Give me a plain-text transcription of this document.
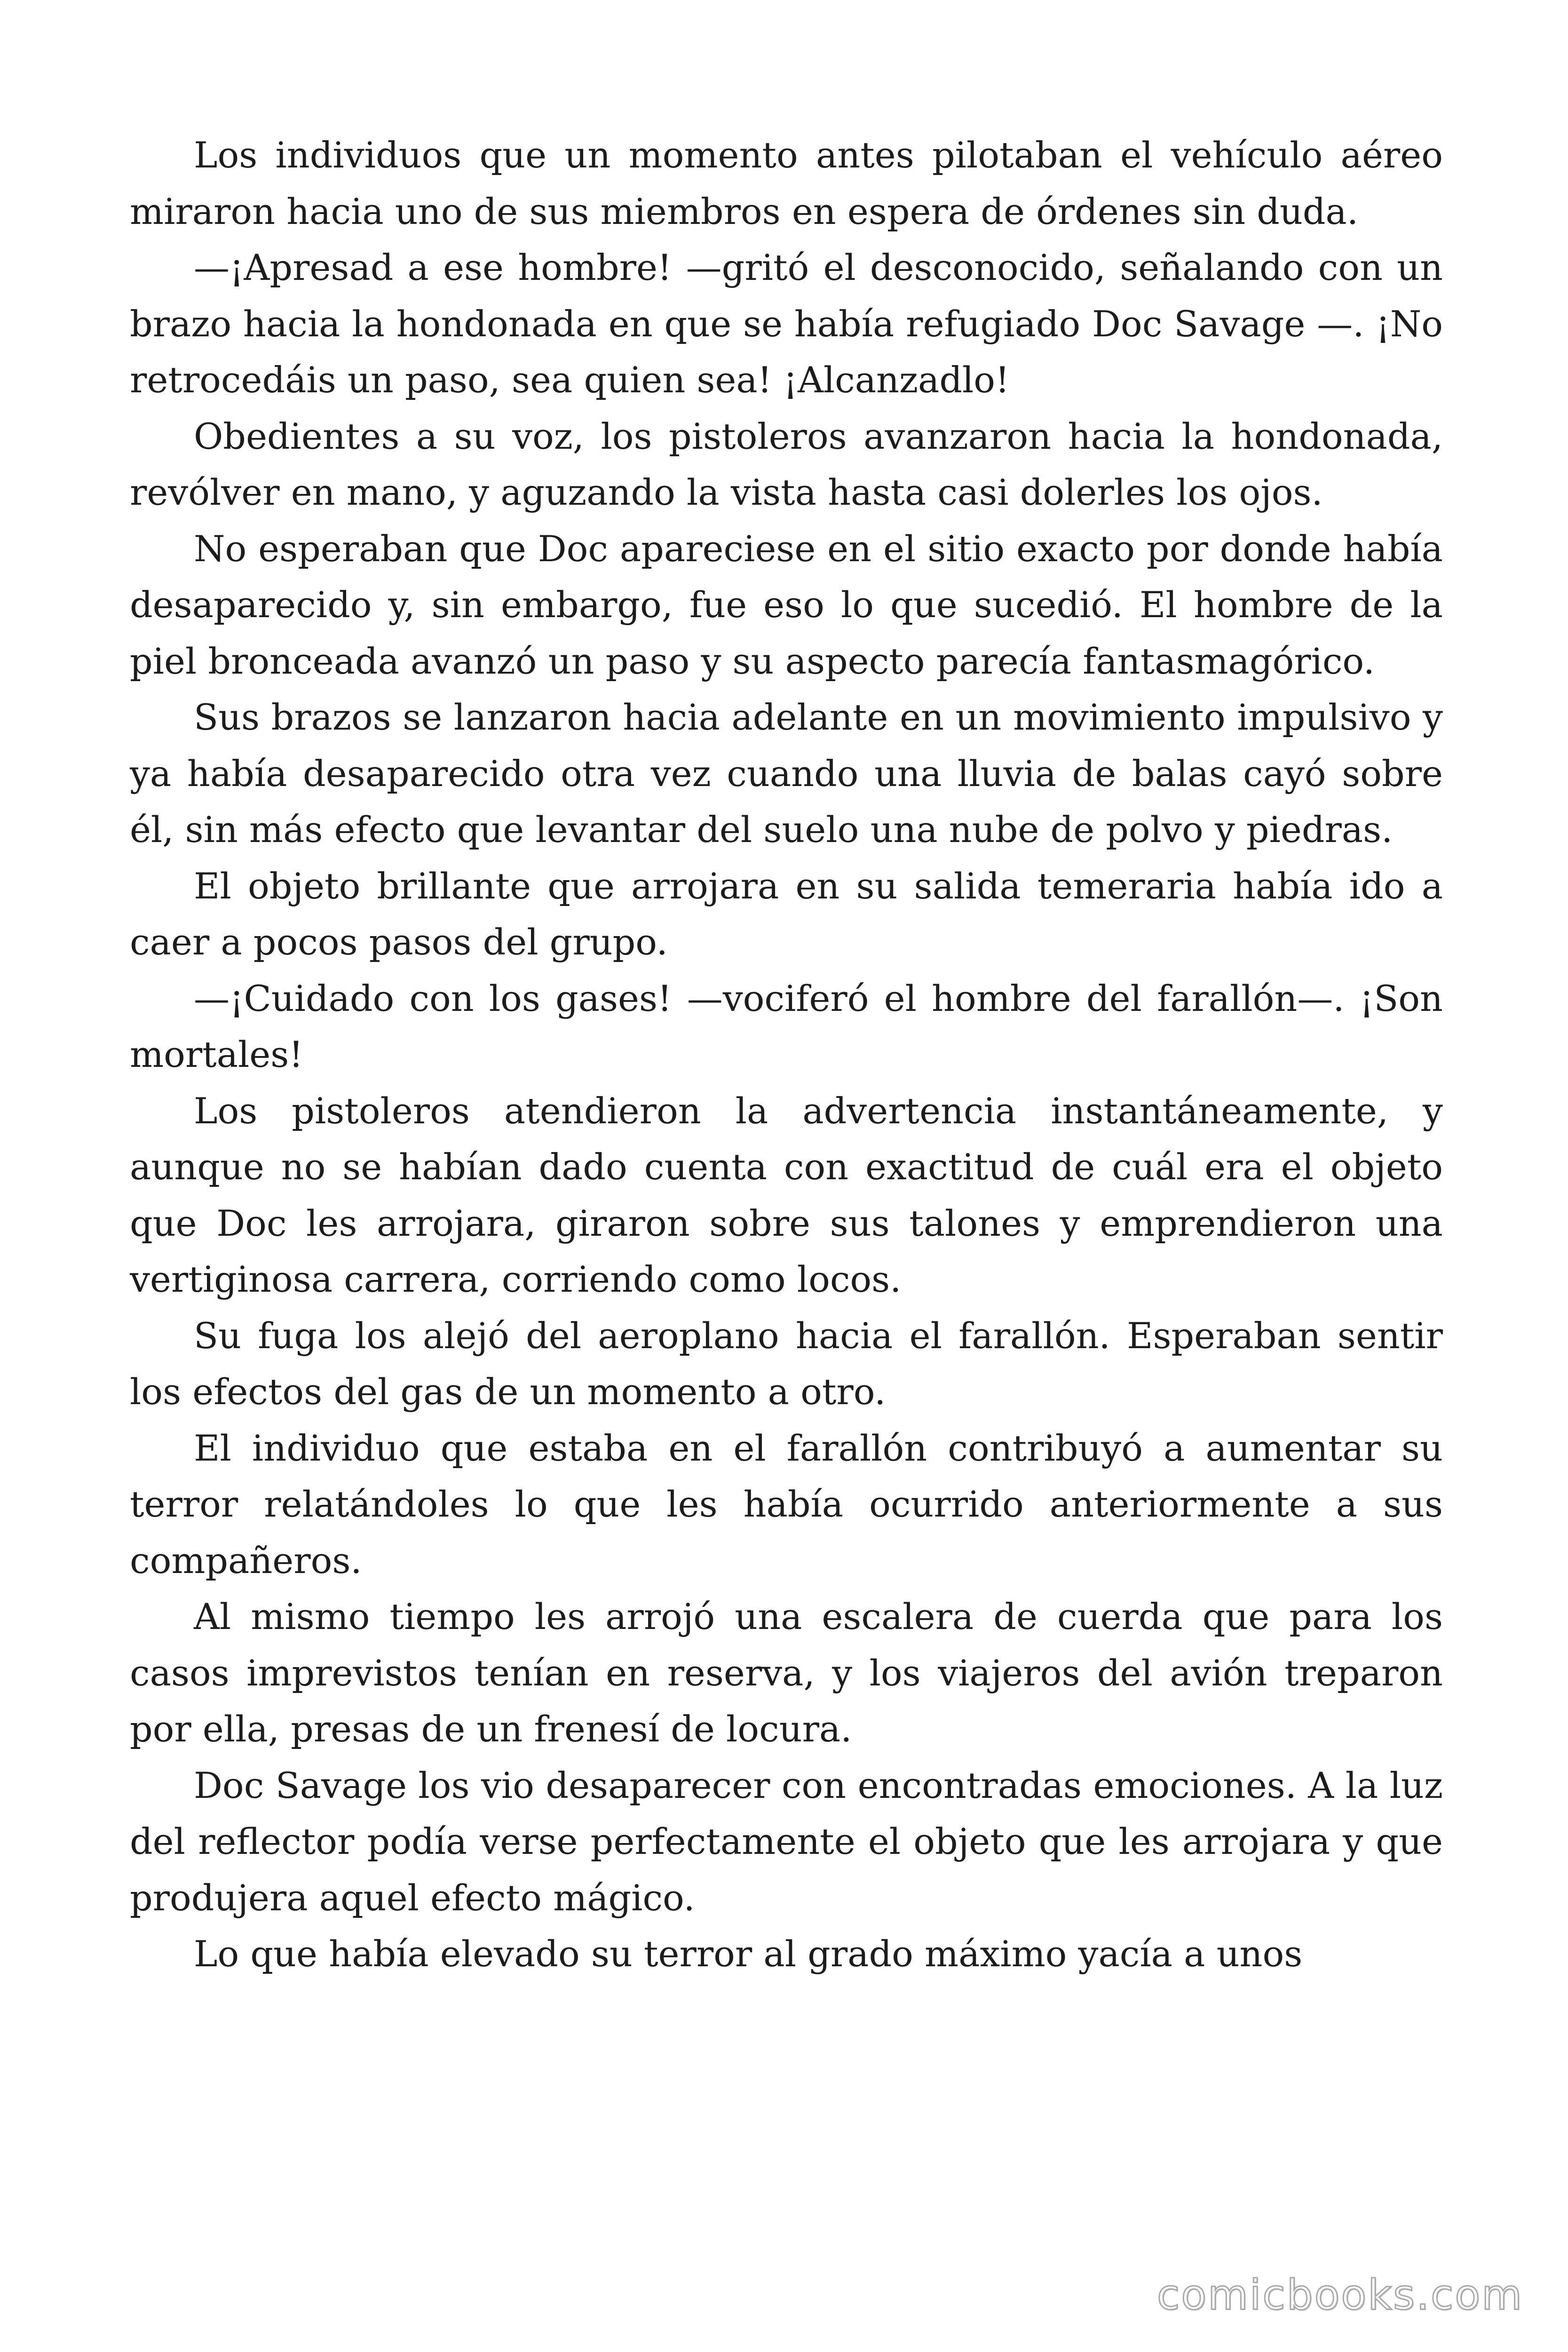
Los individuos que un momento antes pilotaban el vehículo aéreo miraron hacia uno de sus miembros en espera de órdenes sin duda.

—¡Apresad a ese hombre! —gritó el desconocido, señalando con un brazo hacia la hondonada en que se había refugiado Doc Savage —. ¡No retrocedáis un paso, sea quien sea! ¡Alcanzadlo!

Obedientes a su voz, los pistoleros avanzaron hacia la hondonada, revólver en mano, y aguzando la vista hasta casi dolerles los ojos.

No esperaban que Doc apareciese en el sitio exacto por donde había desaparecido y, sin embargo, fue eso lo que sucedió. El hombre de la piel bronceada avanzó un paso y su aspecto parecía fantasmagórico.

Sus brazos se lanzaron hacia adelante en un movimiento impulsivo y ya había desaparecido otra vez cuando una lluvia de balas cayó sobre él, sin más efecto que levantar del suelo una nube de polvo y piedras.

El objeto brillante que arrojara en su salida temeraria había ido a caer a pocos pasos del grupo.

—¡Cuidado con los gases! —vociferó el hombre del farallón—. ¡Son mortales!

Los pistoleros atendieron la advertencia instantáneamente, y aunque no se habían dado cuenta con exactitud de cuál era el objeto que Doc les arrojara, giraron sobre sus talones y emprendieron una vertiginosa carrera, corriendo como locos.

Su fuga los alejó del aeroplano hacia el farallón. Esperaban sentir los efectos del gas de un momento a otro.

El individuo que estaba en el farallón contribuyó a aumentar su terror relatándoles lo que les había ocurrido anteriormente a sus compañeros.

Al mismo tiempo les arrojó una escalera de cuerda que para los casos imprevistos tenían en reserva, y los viajeros del avión treparon por ella, presas de un frenesí de locura.

Doc Savage los vio desaparecer con encontradas emociones. A la luz del reflector podía verse perfectamente el objeto que les arrojara y que produjera aquel efecto mágico.

Lo que había elevado su terror al grado máximo yacía a unos

comicbooks.com
